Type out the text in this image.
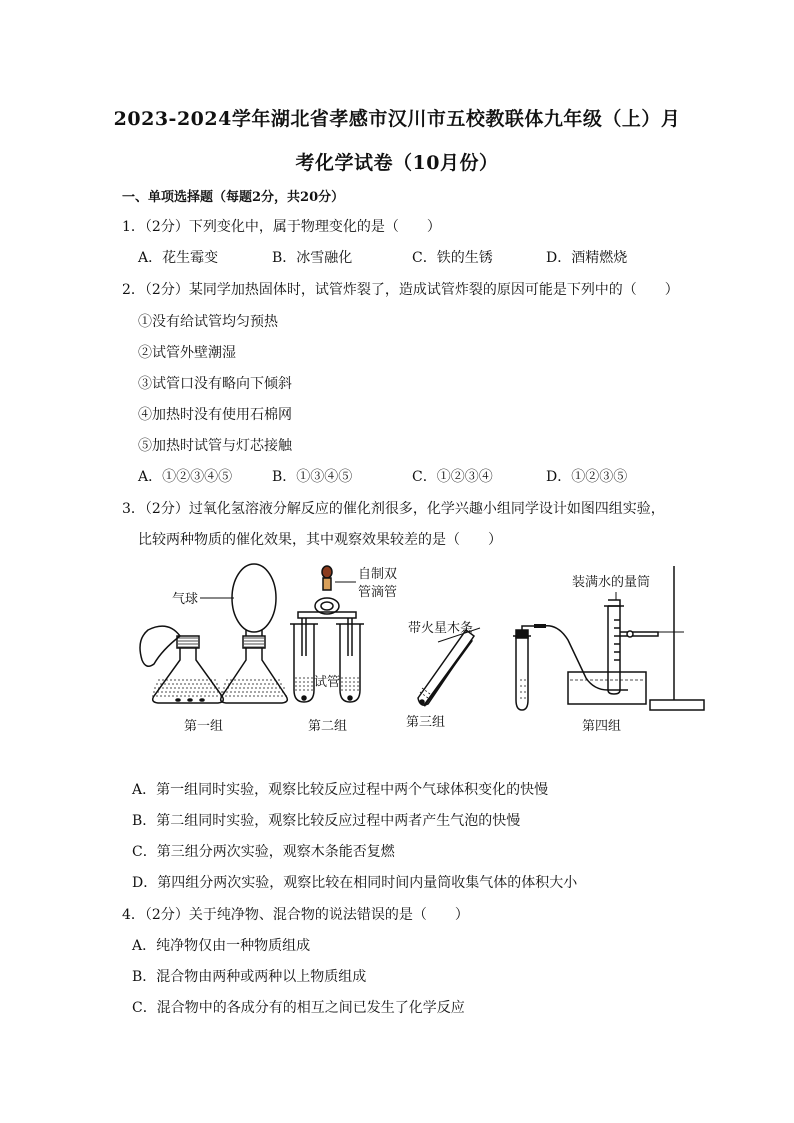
2023-2024学年湖北省孝感市汉川市五校教联体九年级（上）月
考化学试卷（10月份）
一、单项选择题（每题2分，共20分）
1．（2分）下列变化中，属于物理变化的是（　　）
A．花生霉变	B．冰雪融化	C．铁的生锈	D．酒精燃烧
2．（2分）某同学加热固体时，试管炸裂了，造成试管炸裂的原因可能是下列中的（　　）
①没有给试管均匀预热
②试管外壁潮湿
③试管口没有略向下倾斜
④加热时没有使用石棉网
⑤加热时试管与灯芯接触
A．①②③④⑤	B．①③④⑤	C．①②③④	D．①②③⑤
3．（2分）过氧化氢溶液分解反应的催化剂很多，化学兴趣小组同学设计如图四组实验，
比较两种物质的催化效果，其中观察效果较差的是（　　）
气球
第一组
自制双
管滴管
试管
第二组
带火星木条
第三组
装满水的量筒
第四组
A．第一组同时实验，观察比较反应过程中两个气球体积变化的快慢
B．第二组同时实验，观察比较反应过程中两者产生气泡的快慢
C．第三组分两次实验，观察木条能否复燃
D．第四组分两次实验，观察比较在相同时间内量筒收集气体的体积大小
4．（2分）关于纯净物、混合物的说法错误的是（　　）
A．纯净物仅由一种物质组成
B．混合物由两种或两种以上物质组成
C．混合物中的各成分有的相互之间已发生了化学反应
